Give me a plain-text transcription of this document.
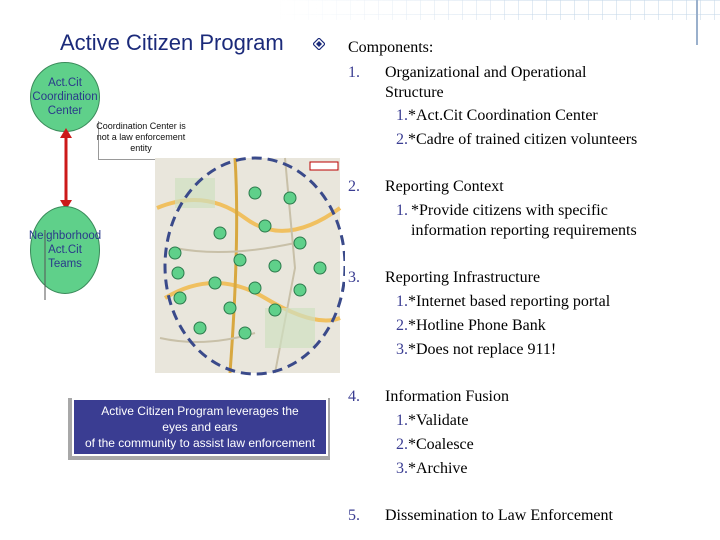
Active Citizen Program
Act.Cit
Coordination
Center
Coordination Center is not a law enforcement entity
Neighborhood
Act.Cit
Teams
Active Citizen Program leverages the
eyes and ears
of the community to assist law enforcement
Components:
1. Organizational and Operational Structure
1.*Act.Cit Coordination Center
2.*Cadre of trained citizen volunteers
2. Reporting Context
1. *Provide citizens with specific information reporting requirements
3. Reporting Infrastructure
1.*Internet based reporting portal
2.*Hotline Phone Bank
3.*Does not replace 911!
4. Information Fusion
1.*Validate
2.*Coalesce
3.*Archive
5. Dissemination to Law Enforcement
